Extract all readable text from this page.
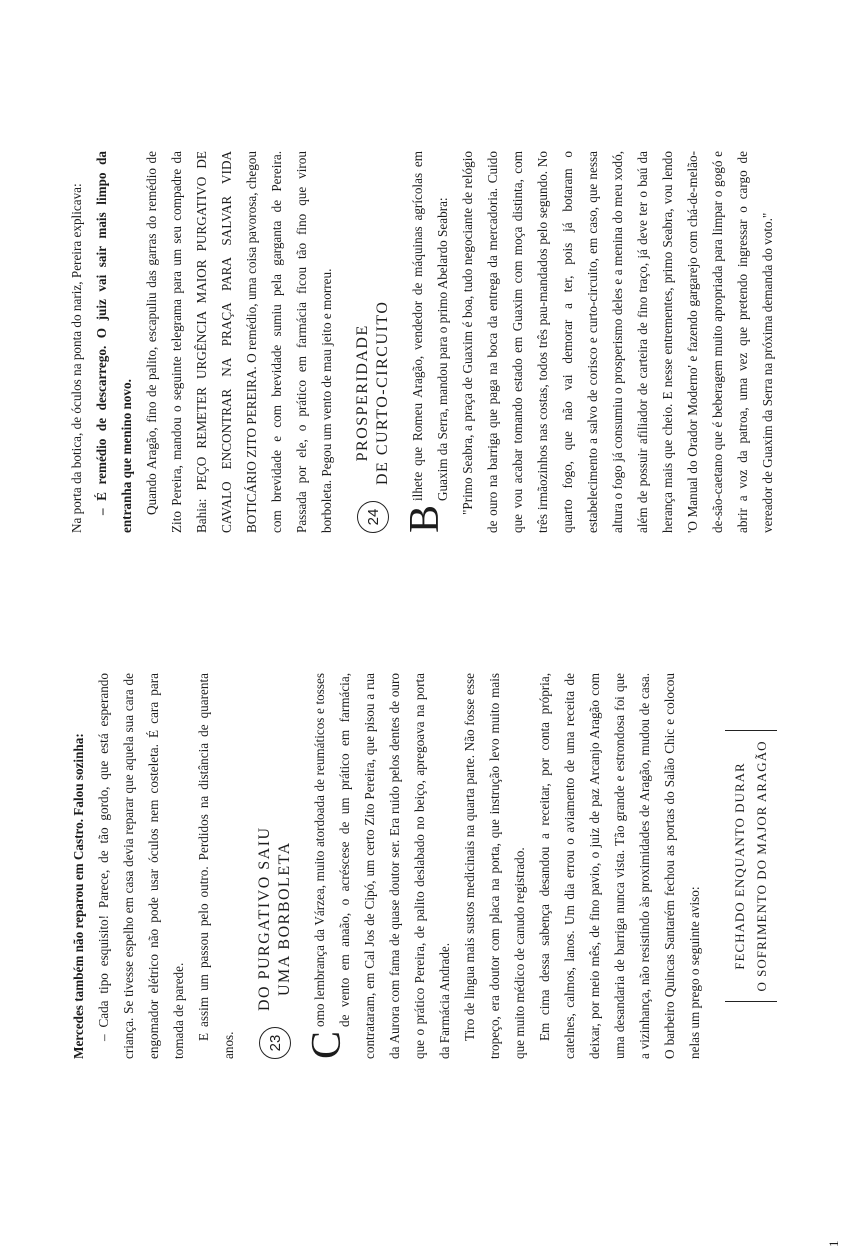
Mercedes também não reparou em Castro. Falou sozinha: – Cada tipo esquisito! Parece, de tão gordo, que está esperando criança. Se tivesse espelho em casa devia reparar que aquela sua cara de engomador elétrico não pode usar óculos nem costeleta. É cara para tomada de parede. E assim um passou pelo outro. Perdidos na distância de quarenta anos.	23
DO PURGATIVO SAIU UMA BORBOLETA

C
omo lembrança da Várzea, muito atordoada de reumáticos e tosses de vento em anaão, o acréscese de um prático em farmácia, contrataram, em Cal Jos de Cipó, um certo Zito Pereira, que pisou a rua da Aurora com fama de quase doutor ser. Era ruido pelos dentes de ouro que o prático Pereira, de palito deslabado no beiço, apregoava na porta da Farmácia Andrade. Tiro de lingua mais sustos medicinais na quarta parte. Não fosse esse tropeço, era doutor com placa na porta, que instrução levo muito mais que muito médico de canudo registrado. Em cima dessa sabença desandou a receitar, por conta própria, catelnes, calmos, lanos. Um dia errou o aviamento de uma receita de deixar, por meio mês, de fino pavio, o juiz de paz Arcanjo Aragão com uma desandaria de barriga nunca vista. Tão grande e estrondosa foi que a vizinhança, não resistindo às proximidades de Aragão, mudou de casa. O barbeiro Quincas Santarém fechou as portas do Salão Chic e colocou nelas um prego o seguinte aviso:

FECHADO ENQUANTO DURAR O SOFRIMENTO DO MAJOR ARAGÃO
1

Na porta da botica, de óculos na ponta do nariz, Pereira explicava: – É remédio de descarrego. O juiz vai sair mais limpo da entranha que menino novo. Quando Aragão, fino de palito, escapuliu das garras do remédio de Zito Pereira, mandou o seguinte telegrama para um seu compadre da Bahia: PEÇO REMETER URGÊNCIA MAIOR PURGATIVO DE CAVALO ENCONTRAR NA PRAÇA PARA SALVAR VIDA BOTICÁRIO ZITO PEREIRA. O remédio, uma coisa pavorosa, chegou com brevidade e com brevidade sumiu pela garganta de Pereira. Passada por ele, o prático em farmácia ficou tão fino que virou borboleta. Pegou um vento de mau jeito e morreu.	24
PROSPERIDADE DE CURTO-CIRCUITO

B
ilhete que Romeu Aragão, vendedor de máquinas agrícolas em Guaxim da Serra, mandou para o primo Abelardo Seabra: "Primo Seabra, a praça de Guaxim é boa, tudo negociante de relógio de ouro na barriga que paga na boca da entrega da mercadoria. Cuido que vou acabar tomando estado em Guaxim com moça distinta, com três irmãozinhos nas costas, todos três pau-mandados pelo segundo. No quarto fogo, que não vai demorar a ter, pois já botaram o estabelecimento a salvo de corisco e curto-circuito, em caso, que nessa altura o fogo já consumiu o prosperismo deles e a menina do meu xodó, além de possuir afiliador de carteira de fino traço, já deve ter o baú da herança mais que cheio. E nesse entrementes, primo Seabra, vou lendo 'O Manual do Orador Moderno' e fazendo gargarejo com chá-de-melão-de-são-caetano que é beberagem muito apropriada para limpar o gogó e abrir a voz da patroa, uma vez que pretendo ingressar o cargo de vereador de Guaxim da Serra na próxima demanda do voto."
